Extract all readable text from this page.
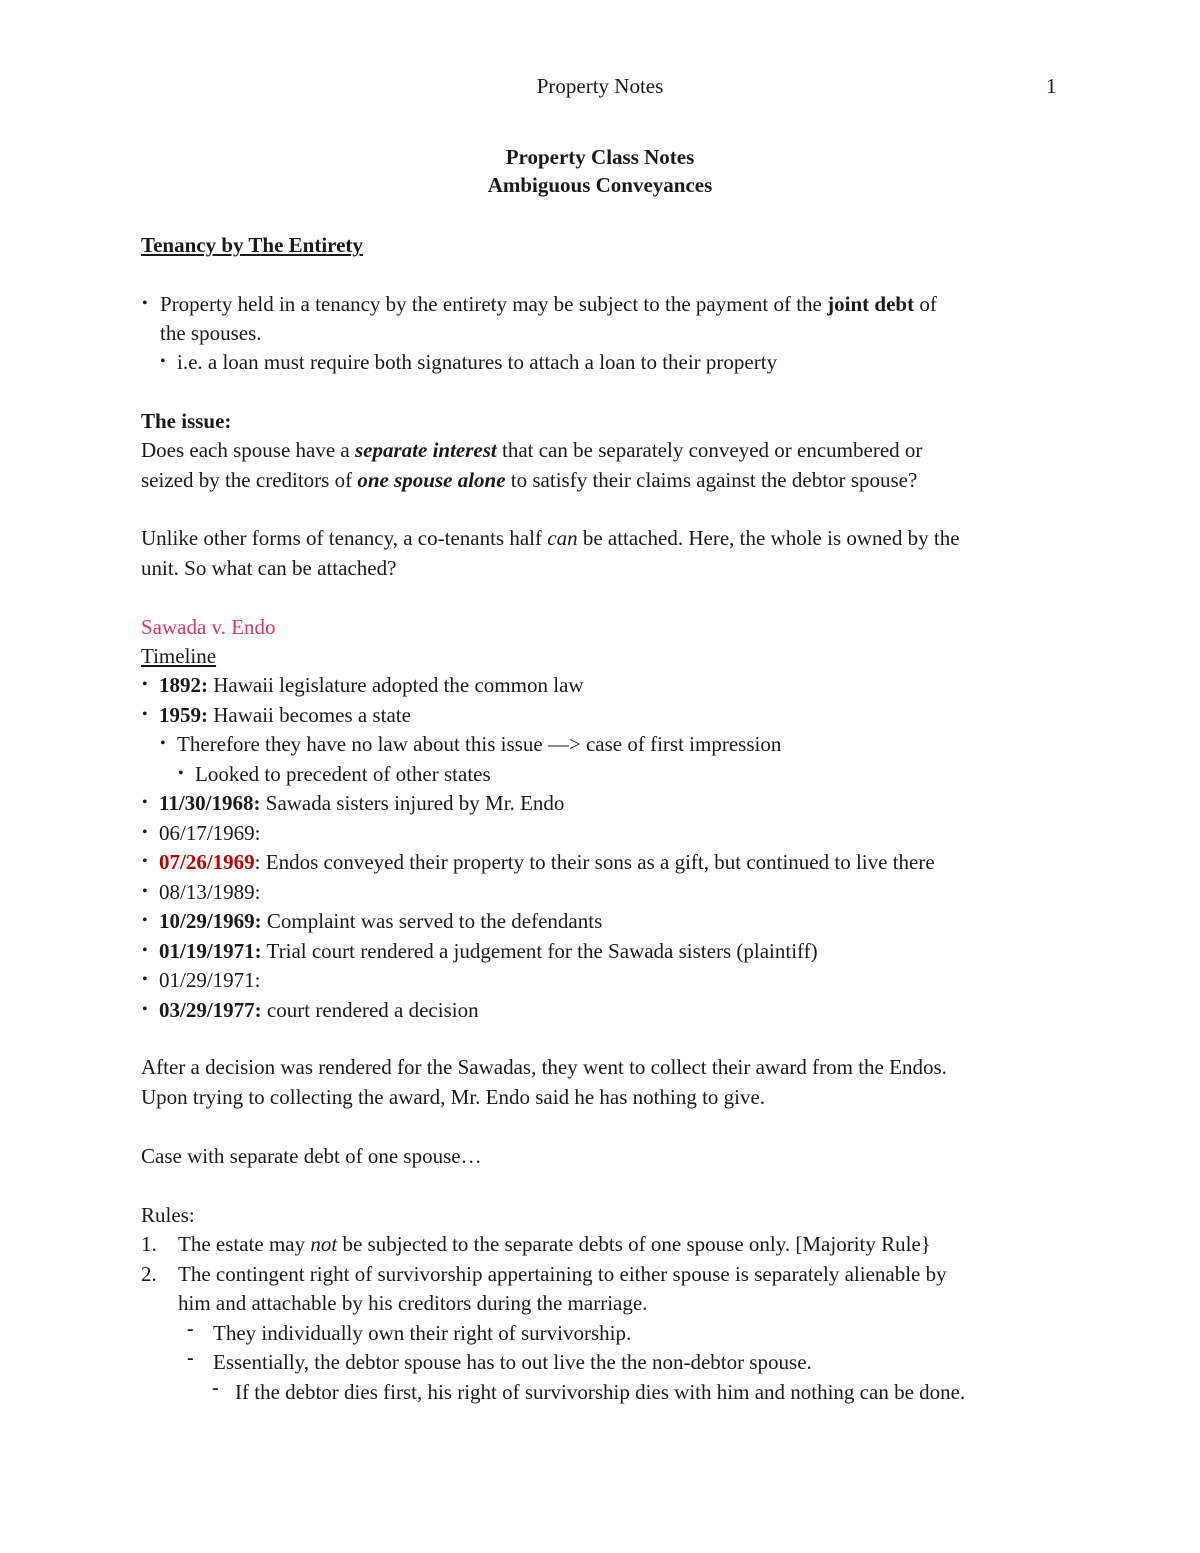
Property Notes	1
Property Class Notes
Ambiguous Conveyances
Tenancy by The Entirety
• Property held in a tenancy by the entirety may be subject to the payment of the joint debt of
the spouses.
• i.e. a loan must require both signatures to attach a loan to their property
The issue:
Does each spouse have a separate interest that can be separately conveyed or encumbered or
seized by the creditors of one spouse alone to satisfy their claims against the debtor spouse?
Unlike other forms of tenancy, a co-tenants half can be attached. Here, the whole is owned by the
unit. So what can be attached?
Sawada v. Endo
Timeline
• 1892: Hawaii legislature adopted the common law
• 1959: Hawaii becomes a state
• Therefore they have no law about this issue —> case of first impression
• Looked to precedent of other states
• 11/30/1968: Sawada sisters injured by Mr. Endo
• 06/17/1969:
• 07/26/1969: Endos conveyed their property to their sons as a gift, but continued to live there
• 08/13/1989:
• 10/29/1969: Complaint was served to the defendants
• 01/19/1971: Trial court rendered a judgement for the Sawada sisters (plaintiff)
• 01/29/1971:
• 03/29/1977: court rendered a decision
After a decision was rendered for the Sawadas, they went to collect their award from the Endos.
Upon trying to collecting the award, Mr. Endo said he has nothing to give.
Case with separate debt of one spouse…
Rules:
1. The estate may not be subjected to the separate debts of one spouse only. [Majority Rule}
2. The contingent right of survivorship appertaining to either spouse is separately alienable by
him and attachable by his creditors during the marriage.
- They individually own their right of survivorship.
- Essentially, the debtor spouse has to out live the the non-debtor spouse.
- If the debtor dies first, his right of survivorship dies with him and nothing can be done.
